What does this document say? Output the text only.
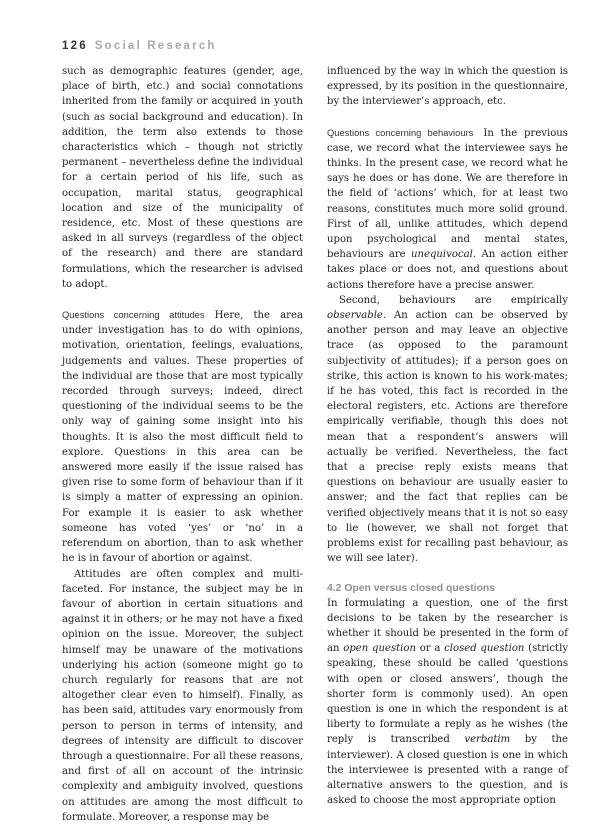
126 Social Research

such as demographic features (gender, age, place of birth, etc.) and social connotations inherited from the family or acquired in youth (such as social background and education). In addition, the term also extends to those characteristics which – though not strictly permanent – nevertheless define the individual for a certain period of his life, such as occupation, marital status, geographical location and size of the municipality of residence, etc. Most of these questions are asked in all surveys (regardless of the object of the research) and there are standard formulations, which the researcher is advised to adopt.

Questions concerning attitudes Here, the area under investigation has to do with opinions, motivation, orientation, feelings, evaluations, judgements and values. These properties of the individual are those that are most typically recorded through surveys; indeed, direct questioning of the individual seems to be the only way of gaining some insight into his thoughts. It is also the most difficult field to explore. Questions in this area can be answered more easily if the issue raised has given rise to some form of behaviour than if it is simply a matter of expressing an opinion. For example it is easier to ask whether someone has voted ‘yes’ or ‘no’ in a referendum on abortion, than to ask whether he is in favour of abortion or against.

Attitudes are often complex and multi-faceted. For instance, the subject may be in favour of abortion in certain situations and against it in others; or he may not have a fixed opinion on the issue. Moreover, the subject himself may be unaware of the motivations underlying his action (someone might go to church regularly for reasons that are not altogether clear even to himself). Finally, as has been said, attitudes vary enormously from person to person in terms of intensity, and degrees of intensity are difficult to discover through a questionnaire. For all these reasons, and first of all on account of the intrinsic complexity and ambiguity involved, questions on attitudes are among the most difficult to formulate. Moreover, a response may be

influenced by the way in which the question is expressed, by its position in the questionnaire, by the interviewer’s approach, etc.

Questions concerning behaviours In the previous case, we record what the interviewee says he thinks. In the present case, we record what he says he does or has done. We are therefore in the field of ‘actions’ which, for at least two reasons, constitutes much more solid ground. First of all, unlike attitudes, which depend upon psychological and mental states, behaviours are unequivocal. An action either takes place or does not, and questions about actions therefore have a precise answer.

Second, behaviours are empirically observable. An action can be observed by another person and may leave an objective trace (as opposed to the paramount subjectivity of attitudes); if a person goes on strike, this action is known to his work-mates; if he has voted, this fact is recorded in the electoral registers, etc. Actions are therefore empirically verifiable, though this does not mean that a respondent’s answers will actually be verified. Nevertheless, the fact that a precise reply exists means that questions on behaviour are usually easier to answer; and the fact that replies can be verified objectively means that it is not so easy to lie (however, we shall not forget that problems exist for recalling past behaviour, as we will see later).

4.2 Open versus closed questions

In formulating a question, one of the first decisions to be taken by the researcher is whether it should be presented in the form of an open question or a closed question (strictly speaking, these should be called ‘questions with open or closed answers’, though the shorter form is commonly used). An open question is one in which the respondent is at liberty to formulate a reply as he wishes (the reply is transcribed verbatim by the interviewer). A closed question is one in which the interviewee is presented with a range of alternative answers to the question, and is asked to choose the most appropriate option
